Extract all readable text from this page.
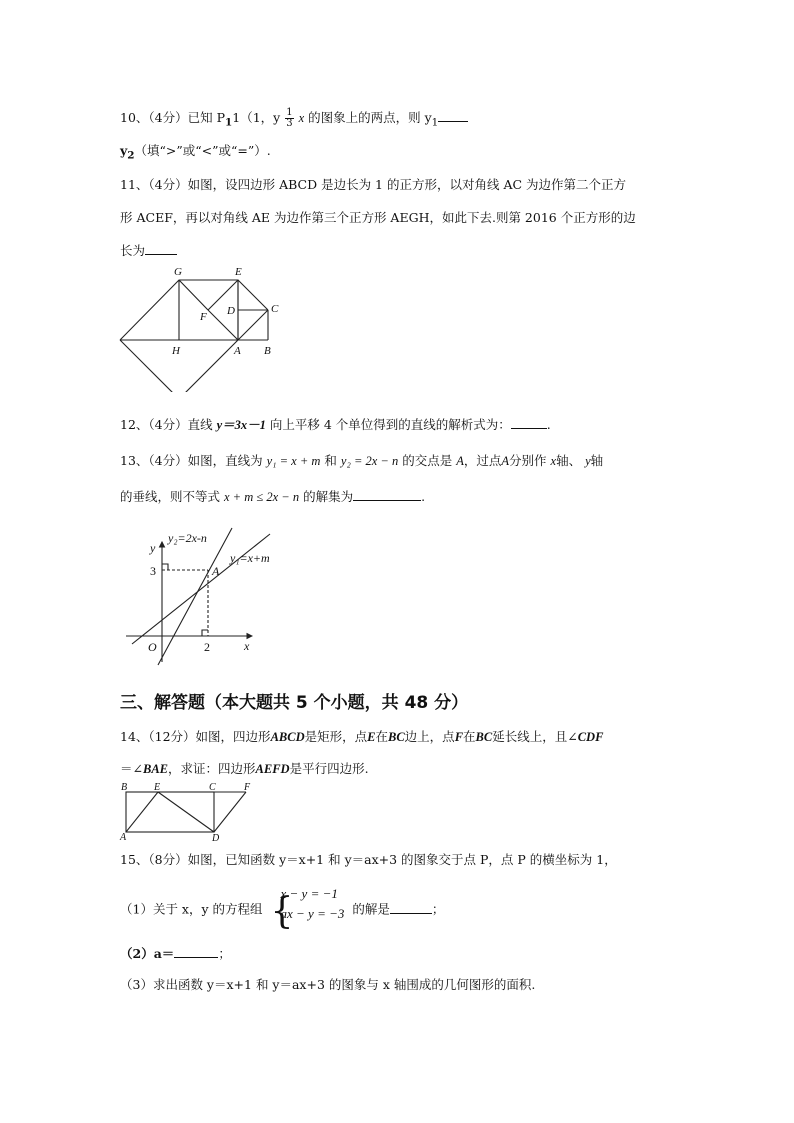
10、（4分）已知 $P_11(1$，y $\frac{1}{3}$ x 的图象上的两点，则 $y_1$
$y_2$（填“>”或“<”或“=”）.
11、（4分）如图，设四边形 ABCD 是边长为 1 的正方形，以对角线 AC 为边作第二个正方
形 ACEF，再以对角线 AE 为边作第三个正方形 AEGH，如此下去.则第 2016 个正方形的边
长为
G	E
D	C
F
H	A B
12、（4分）直线 y＝3x－1 向上平移 4 个单位得到的直线的解析式为：	.
13、（4分）如图，直线为 y₁ = x + m 和 y₂ = 2x − n 的交点是 A，过点A分别作 x轴、 y轴
的垂线，则不等式 x + m ≤ 2x − n 的解集为	.
y₂=2x-n
y₁=x+m
y
x
O
A
3
2
三、解答题（本大题共 5 个小题，共 48 分）
14、（12分）如图，四边形ABCD是矩形，点E在BC边上，点F在BC延长线上，且∠CDF
＝∠BAE，求证：四边形AEFD是平行四边形.
B	E	C	F
A	D
15、（8分）如图，已知函数 y＝x+1 和 y＝ax+3 的图象交于点 P，点 P 的横坐标为 1，
（1）关于 x，y 的方程组 {
x − y = −1
ax − y = −3 的解是	；
（2）a＝	；
（3）求出函数 y＝x+1 和 y＝ax+3 的图象与 x 轴围成的几何图形的面积.
